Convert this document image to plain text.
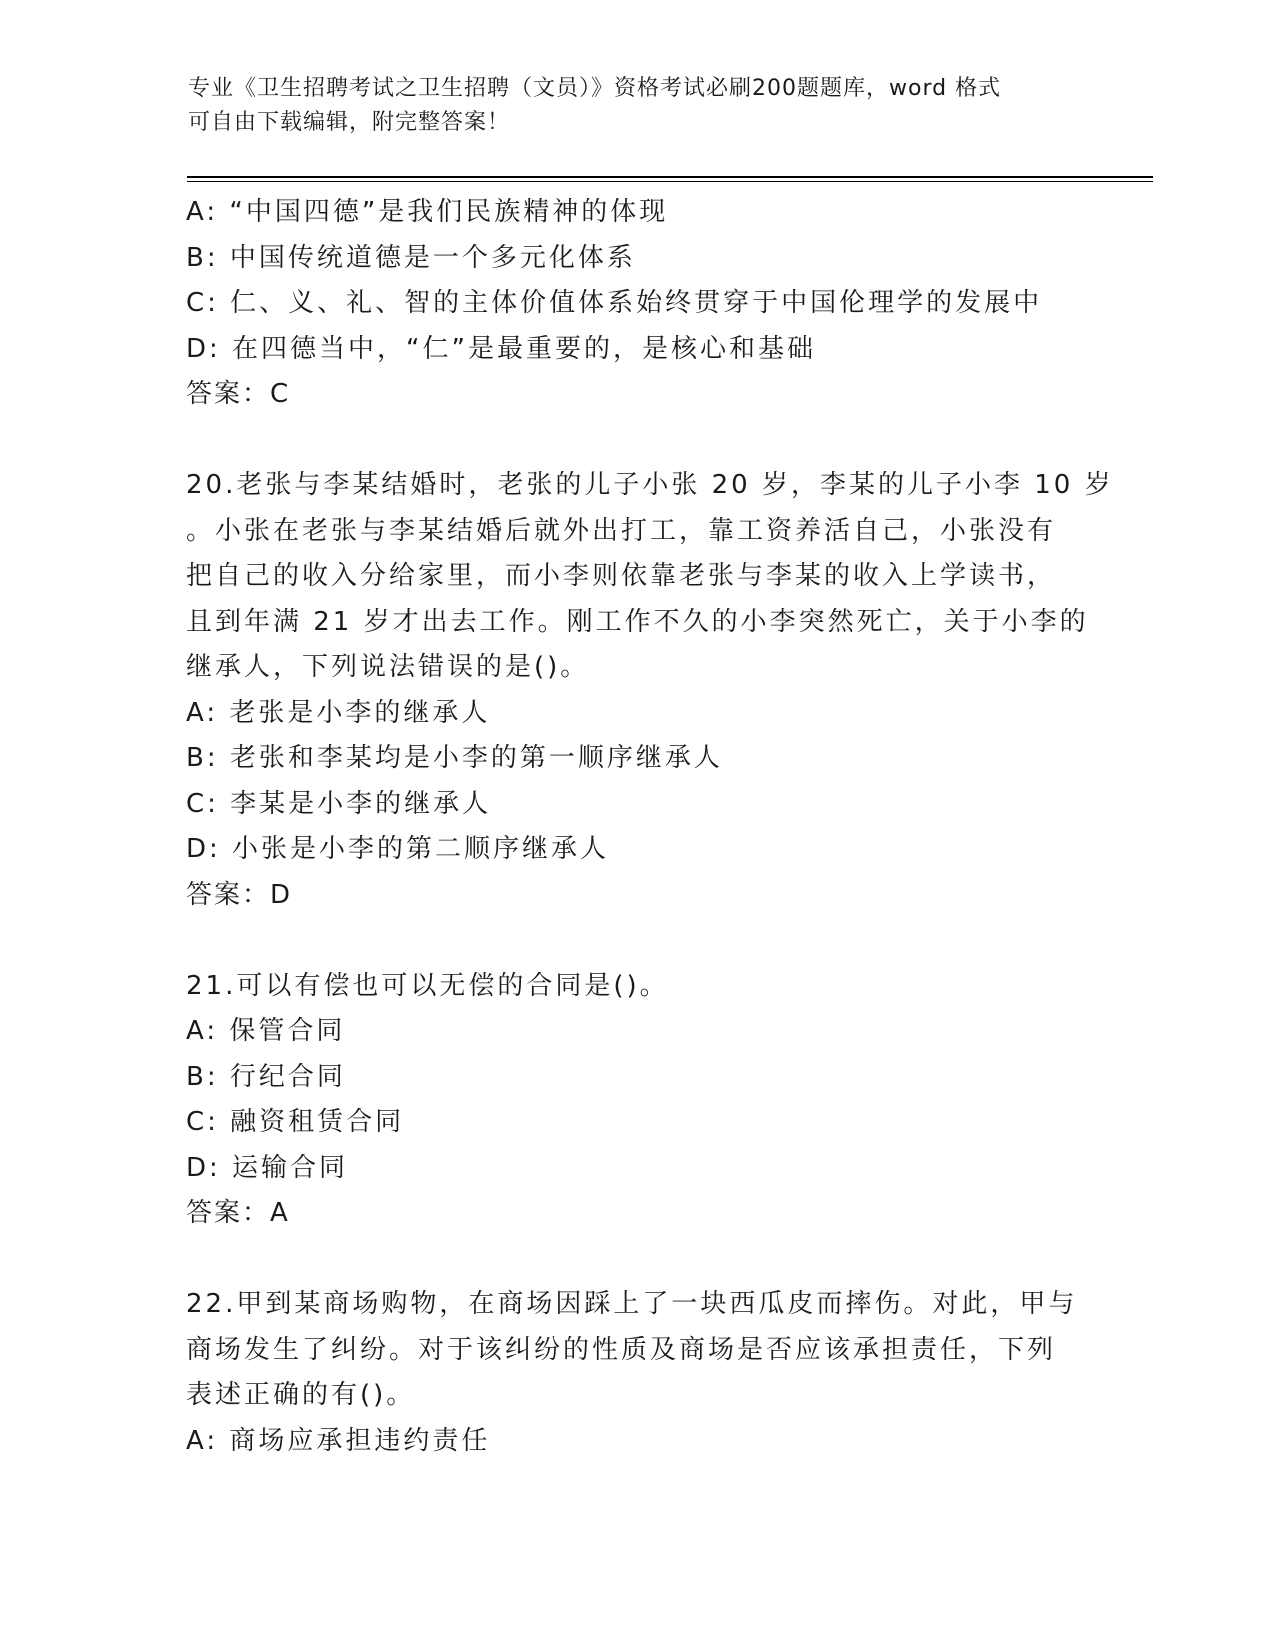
专业《卫生招聘考试之卫生招聘（文员）》资格考试必刷200题题库，word 格式
可自由下载编辑，附完整答案！
A: “中国四德”是我们民族精神的体现
B: 中国传统道德是一个多元化体系
C: 仁、义、礼、智的主体价值体系始终贯穿于中国伦理学的发展中
D: 在四德当中，“仁”是最重要的，是核心和基础
答案：C
20.老张与李某结婚时，老张的儿子小张 20 岁，李某的儿子小李 10 岁
。小张在老张与李某结婚后就外出打工，靠工资养活自己，小张没有
把自己的收入分给家里，而小李则依靠老张与李某的收入上学读书，
且到年满 21 岁才出去工作。刚工作不久的小李突然死亡，关于小李的
继承人，下列说法错误的是()。
A: 老张是小李的继承人
B: 老张和李某均是小李的第一顺序继承人
C: 李某是小李的继承人
D: 小张是小李的第二顺序继承人
答案：D
21.可以有偿也可以无偿的合同是()。
A: 保管合同
B: 行纪合同
C: 融资租赁合同
D: 运输合同
答案：A
22.甲到某商场购物，在商场因踩上了一块西瓜皮而摔伤。对此，甲与
商场发生了纠纷。对于该纠纷的性质及商场是否应该承担责任，下列
表述正确的有()。
A: 商场应承担违约责任
